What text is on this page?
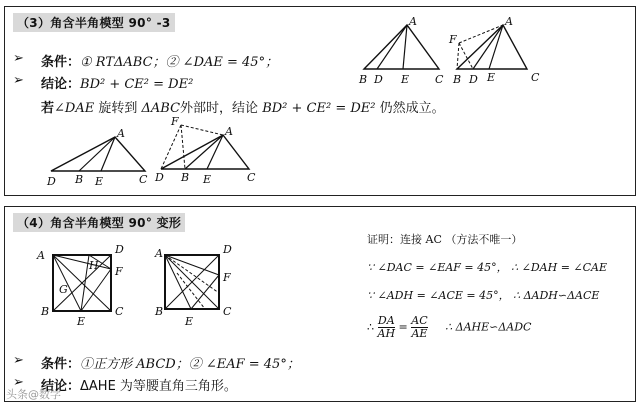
（3）角含半角模型 90° -3
➢ 条件：① RTΔABC；② ∠DAE = 45°；
➢ 结论：BD² + CE² = DE²
若∠DAE 旋转到 ΔABC外部时，结论 BD² + CE² = DE² 仍然成立。
A
B D E C
F
A
B D E	C
A
D B E	C
F
A
D B E	C
（4）角含半角模型 90° 变形
A	D
H F
G
B	C
E
A	D
F
B	C
E
证明：连接 AC （方法不唯一）
∵ ∠DAC = ∠EAF = 45°， ∴ ∠DAH = ∠CAE
∵ ∠ADH = ∠ACE = 45°， ∴ ΔADH∽ΔACE
∴ $\frac{DA}{AH} = \frac{AC}{AE}$ ∴ ΔAHE∽ΔADC
➢ 条件：①正方形 ABCD；② ∠EAF = 45°；
➢ 结论：ΔAHE 为等腰直角三角形。
头条@数学
